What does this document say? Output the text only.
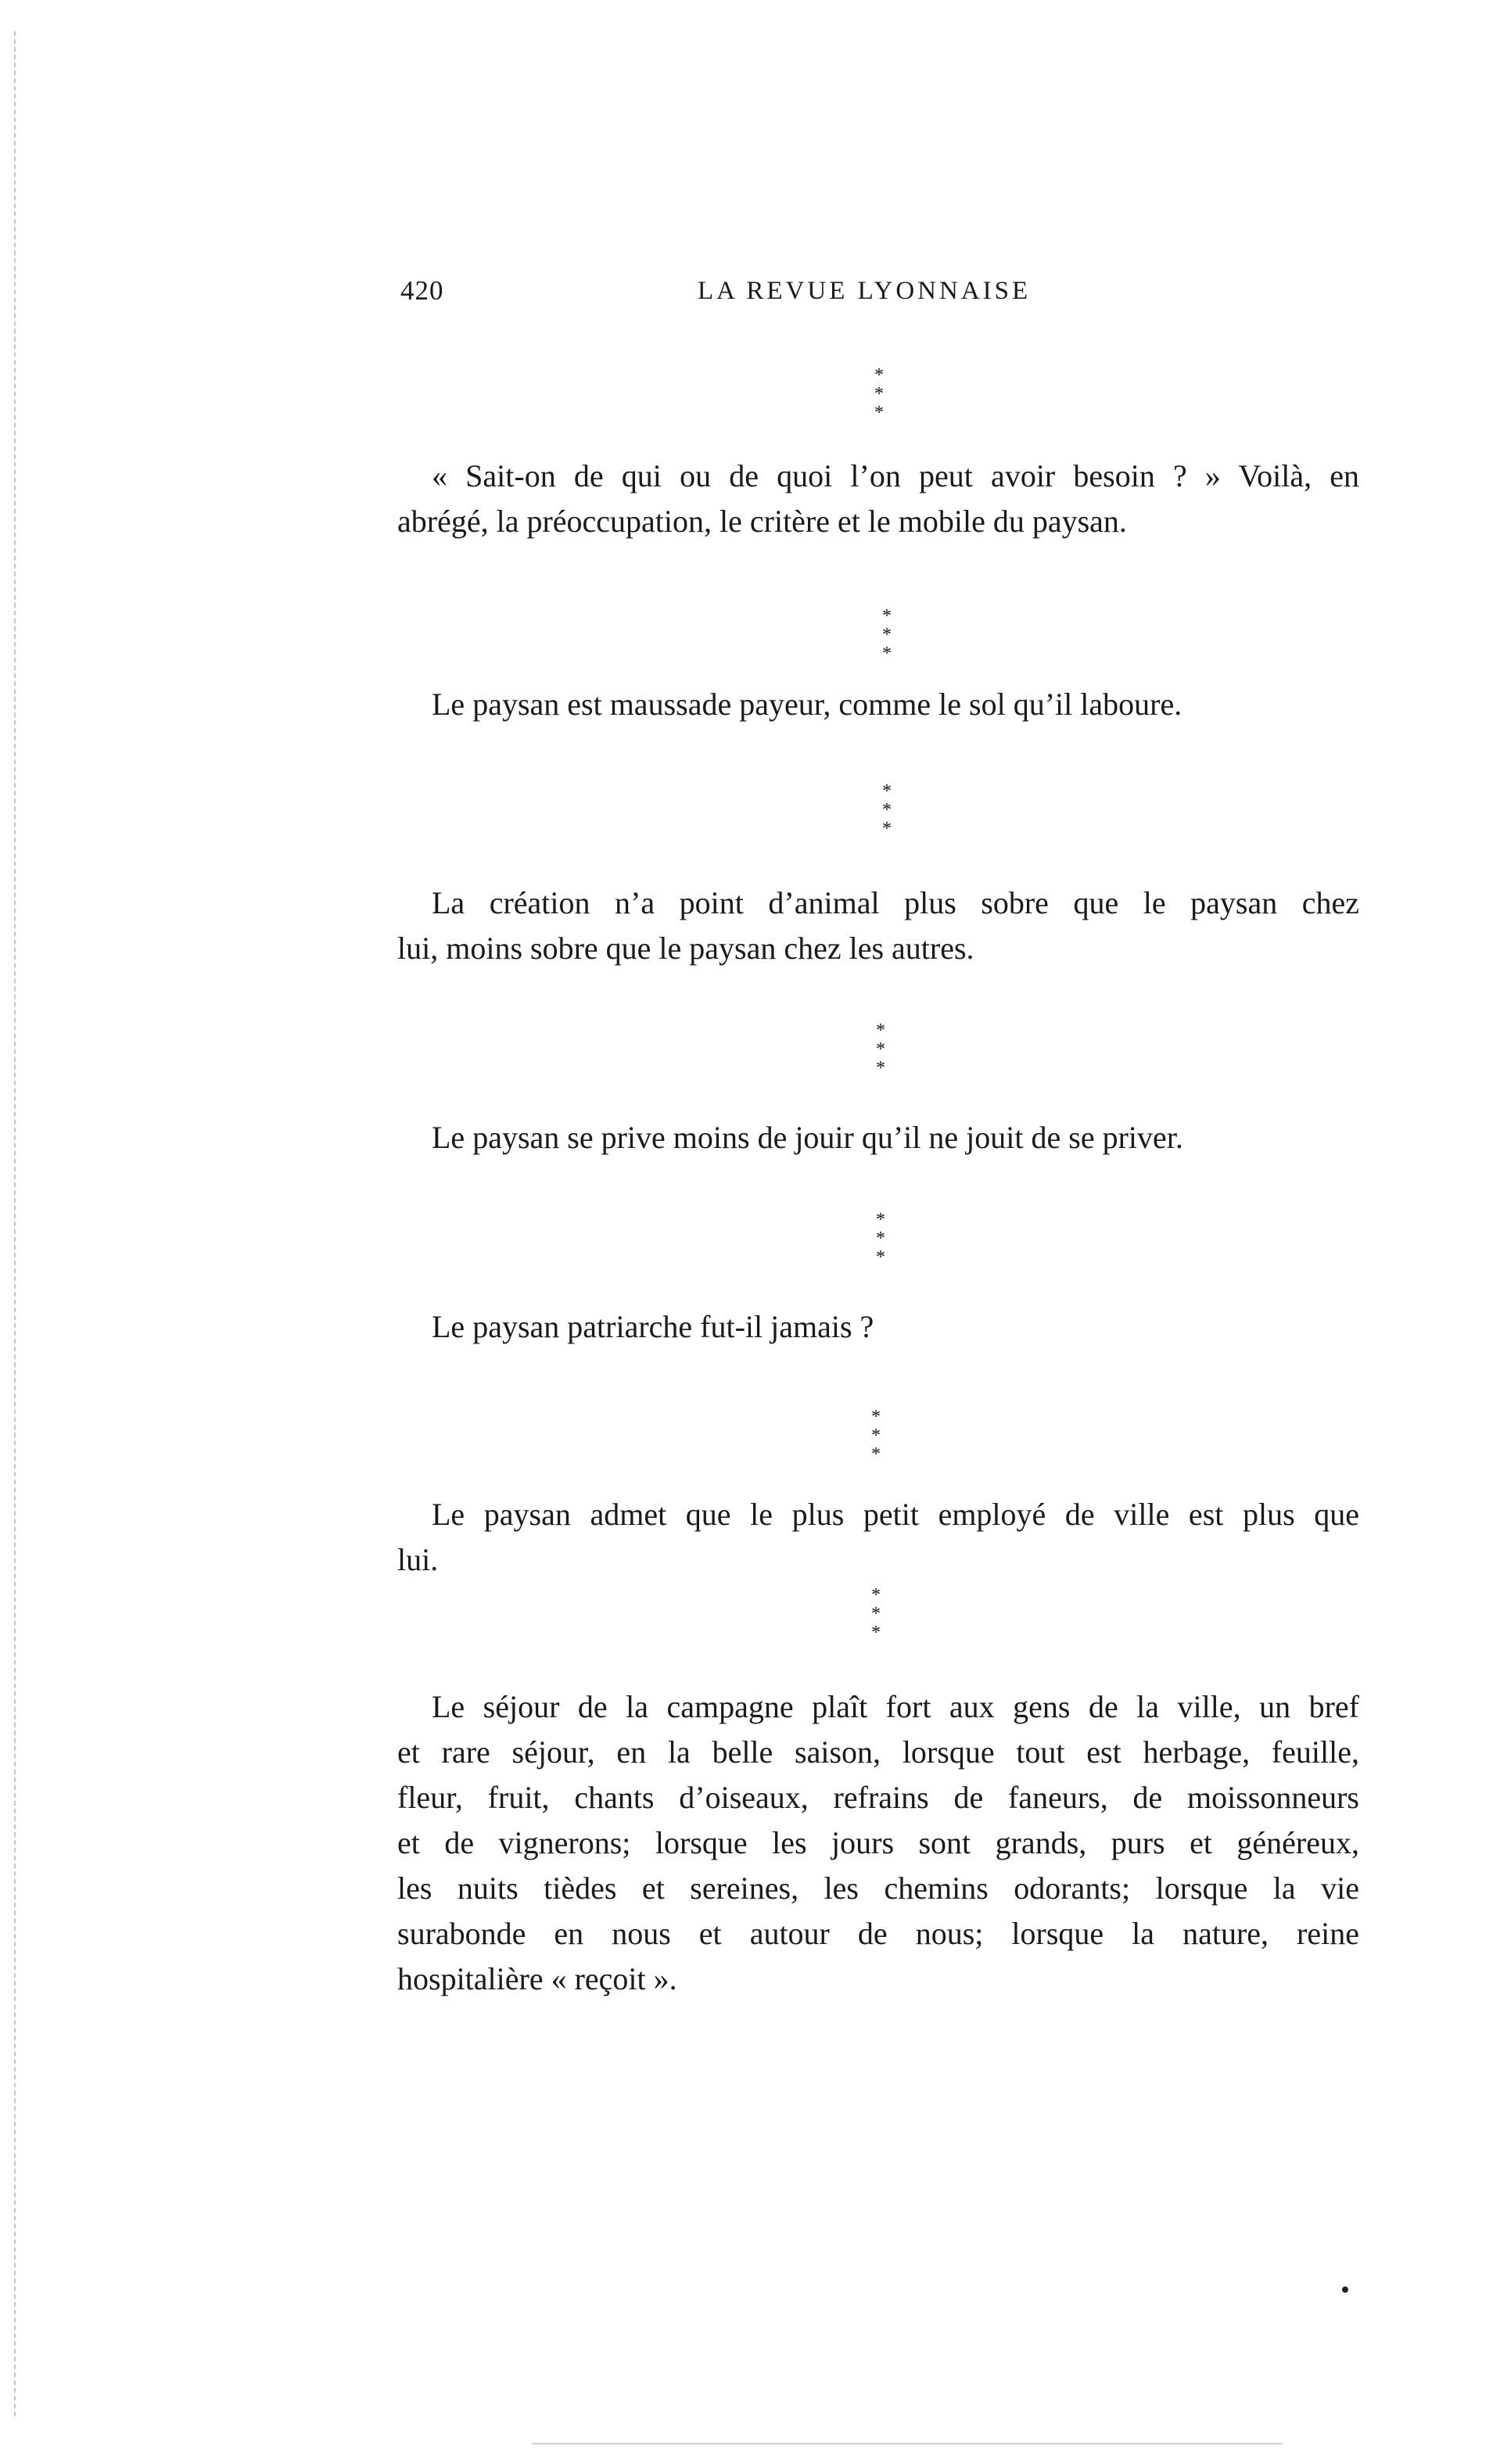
420	LA REVUE LYONNAISE
*
* *
« Sait-on de qui ou de quoi l’on peut avoir besoin ? » Voilà, en
abrégé, la préoccupation, le critère et le mobile du paysan.
*
* *
Le paysan est maussade payeur, comme le sol qu’il laboure.
*
* *
La création n’a point d’animal plus sobre que le paysan chez
lui, moins sobre que le paysan chez les autres.
*
* *
Le paysan se prive moins de jouir qu’il ne jouit de se priver.
*
* *
Le paysan patriarche fut-il jamais ?
*
* *
Le paysan admet que le plus petit employé de ville est plus que
lui.
*
* *
Le séjour de la campagne plaît fort aux gens de la ville, un bref
et rare séjour, en la belle saison, lorsque tout est herbage, feuille,
fleur, fruit, chants d’oiseaux, refrains de faneurs, de moissonneurs
et de vignerons; lorsque les jours sont grands, purs et généreux,
les nuits tièdes et sereines, les chemins odorants; lorsque la vie
surabonde en nous et autour de nous; lorsque la nature, reine
hospitalière « reçoit ».
